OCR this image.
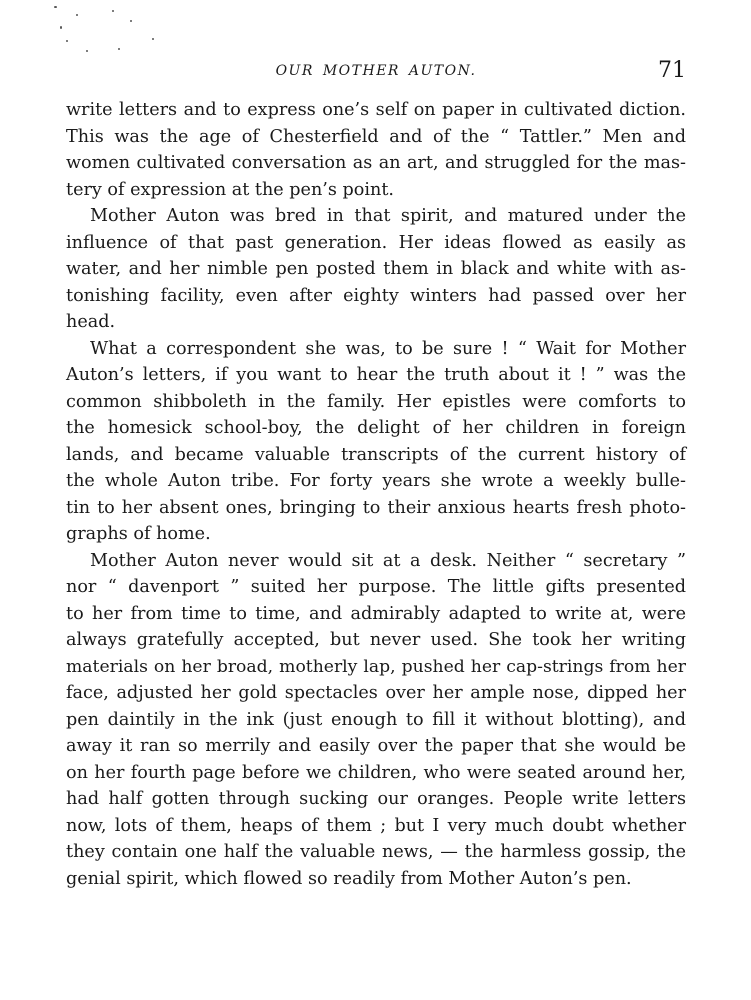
OUR MOTHER AUTON.	71
write letters and to express one’s self on paper in cultivated diction.
This was the age of Chesterfield and of the “ Tattler.” Men and
women cultivated conversation as an art, and struggled for the mas-
tery of expression at the pen’s point.
Mother Auton was bred in that spirit, and matured under the
influence of that past generation. Her ideas flowed as easily as
water, and her nimble pen posted them in black and white with as-
tonishing facility, even after eighty winters had passed over her
head.
What a correspondent she was, to be sure ! “ Wait for Mother
Auton’s letters, if you want to hear the truth about it ! ” was the
common shibboleth in the family. Her epistles were comforts to
the homesick school-boy, the delight of her children in foreign
lands, and became valuable transcripts of the current history of
the whole Auton tribe. For forty years she wrote a weekly bulle-
tin to her absent ones, bringing to their anxious hearts fresh photo-
graphs of home.
Mother Auton never would sit at a desk. Neither “ secretary ”
nor “ davenport ” suited her purpose. The little gifts presented
to her from time to time, and admirably adapted to write at, were
always gratefully accepted, but never used. She took her writing
materials on her broad, motherly lap, pushed her cap-strings from her
face, adjusted her gold spectacles over her ample nose, dipped her
pen daintily in the ink (just enough to fill it without blotting), and
away it ran so merrily and easily over the paper that she would be
on her fourth page before we children, who were seated around her,
had half gotten through sucking our oranges. People write letters
now, lots of them, heaps of them ; but I very much doubt whether
they contain one half the valuable news, — the harmless gossip, the
genial spirit, which flowed so readily from Mother Auton’s pen.
